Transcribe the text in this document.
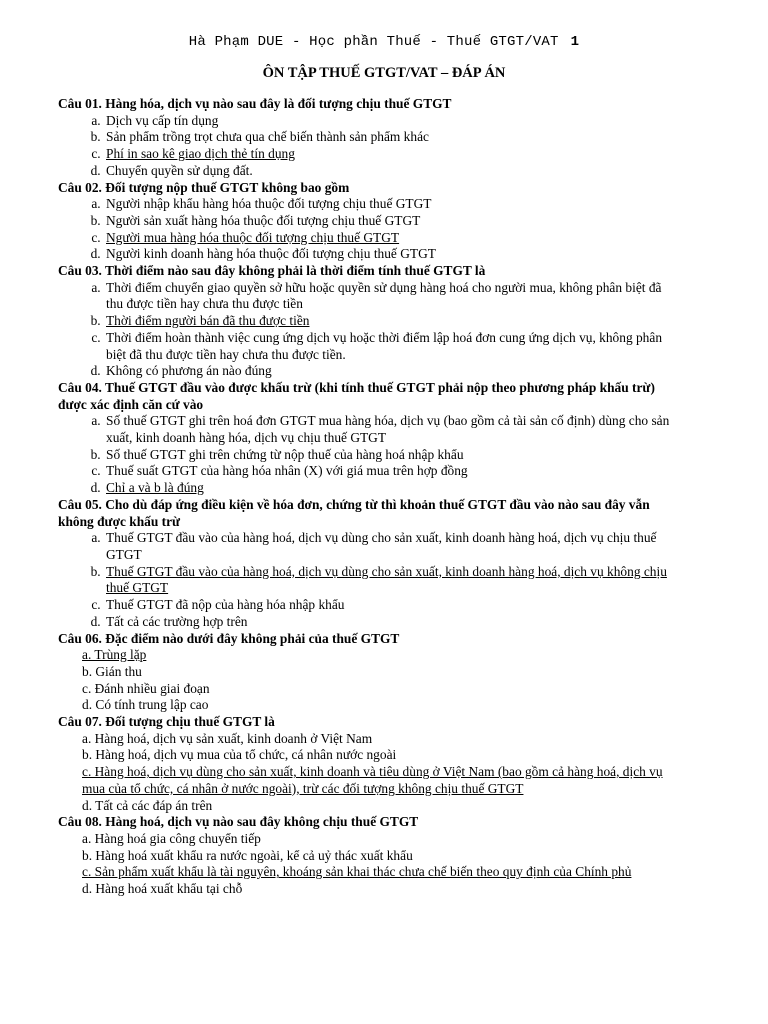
Hà Phạm DUE - Học phần Thuế - Thuế GTGT/VAT 1
ÔN TẬP THUẾ GTGT/VAT – ĐÁP ÁN

Câu 01. Hàng hóa, dịch vụ nào sau đây là đối tượng chịu thuế GTGT

a. Dịch vụ cấp tín dụng
b. Sản phẩm trồng trọt chưa qua chế biến thành sản phẩm khác
c. Phí in sao kê giao dịch thẻ tín dụng
d. Chuyển quyền sử dụng đất.

Câu 02. Đối tượng nộp thuế GTGT không bao gồm

a. Người nhập khẩu hàng hóa thuộc đối tượng chịu thuế GTGT
b. Người sản xuất hàng hóa thuộc đối tượng chịu thuế GTGT
c. Người mua hàng hóa thuộc đối tượng chịu thuế GTGT
d. Người kinh doanh hàng hóa thuộc đối tượng chịu thuế GTGT

Câu 03. Thời điểm nào sau đây không phải là thời điểm tính thuế GTGT là

a. Thời điểm chuyển giao quyền sở hữu hoặc quyền sử dụng hàng hoá cho người mua, không phân biệt đã thu được tiền hay chưa thu được tiền
b. Thời điểm người bán đã thu được tiền
c. Thời điểm hoàn thành việc cung ứng dịch vụ hoặc thời điểm lập hoá đơn cung ứng dịch vụ, không phân biệt đã thu được tiền hay chưa thu được tiền.
d. Không có phương án nào đúng

Câu 04. Thuế GTGT đầu vào được khấu trừ (khi tính thuế GTGT phải nộp theo phương pháp khấu trừ) được xác định căn cứ vào

a. Số thuế GTGT ghi trên hoá đơn GTGT mua hàng hóa, dịch vụ (bao gồm cả tài sản cố định) dùng cho sản xuất, kinh doanh hàng hóa, dịch vụ chịu thuế GTGT
b. Số thuế GTGT ghi trên chứng từ nộp thuế của hàng hoá nhập khẩu
c. Thuế suất GTGT của hàng hóa nhân (X) với giá mua trên hợp đồng
d. Chỉ a và b là đúng

Câu 05. Cho dù đáp ứng điều kiện về hóa đơn, chứng từ thì khoản thuế GTGT đầu vào nào sau đây vẫn không được khấu trừ

a. Thuế GTGT đầu vào của hàng hoá, dịch vụ dùng cho sản xuất, kinh doanh hàng hoá, dịch vụ chịu thuế GTGT
b. Thuế GTGT đầu vào của hàng hoá, dịch vụ dùng cho sản xuất, kinh doanh hàng hoá, dịch vụ không chịu thuế GTGT
c. Thuế GTGT đã nộp của hàng hóa nhập khẩu
d. Tất cả các trường hợp trên

Câu 06. Đặc điểm nào dưới đây không phải của thuế GTGT

a. Trùng lặp
b. Gián thu
c. Đánh nhiều giai đoạn
d. Có tính trung lập cao

Câu 07. Đối tượng chịu thuế GTGT là

a. Hàng hoá, dịch vụ sản xuất, kinh doanh ở Việt Nam
b. Hàng hoá, dịch vụ mua của tổ chức, cá nhân nước ngoài
c. Hàng hoá, dịch vụ dùng cho sản xuất, kinh doanh và tiêu dùng ở Việt Nam (bao gồm cả hàng hoá, dịch vụ mua của tổ chức, cá nhân ở nước ngoài), trừ các đối tượng không chịu thuế GTGT
d. Tất cả các đáp án trên

Câu 08. Hàng hoá, dịch vụ nào sau đây không chịu thuế GTGT

a. Hàng hoá gia công chuyển tiếp
b. Hàng hoá xuất khẩu ra nước ngoài, kể cả uỷ thác xuất khẩu
c. Sản phẩm xuất khẩu là tài nguyên, khoáng sản khai thác chưa chế biến theo quy định của Chính phủ
d. Hàng hoá xuất khẩu tại chỗ
